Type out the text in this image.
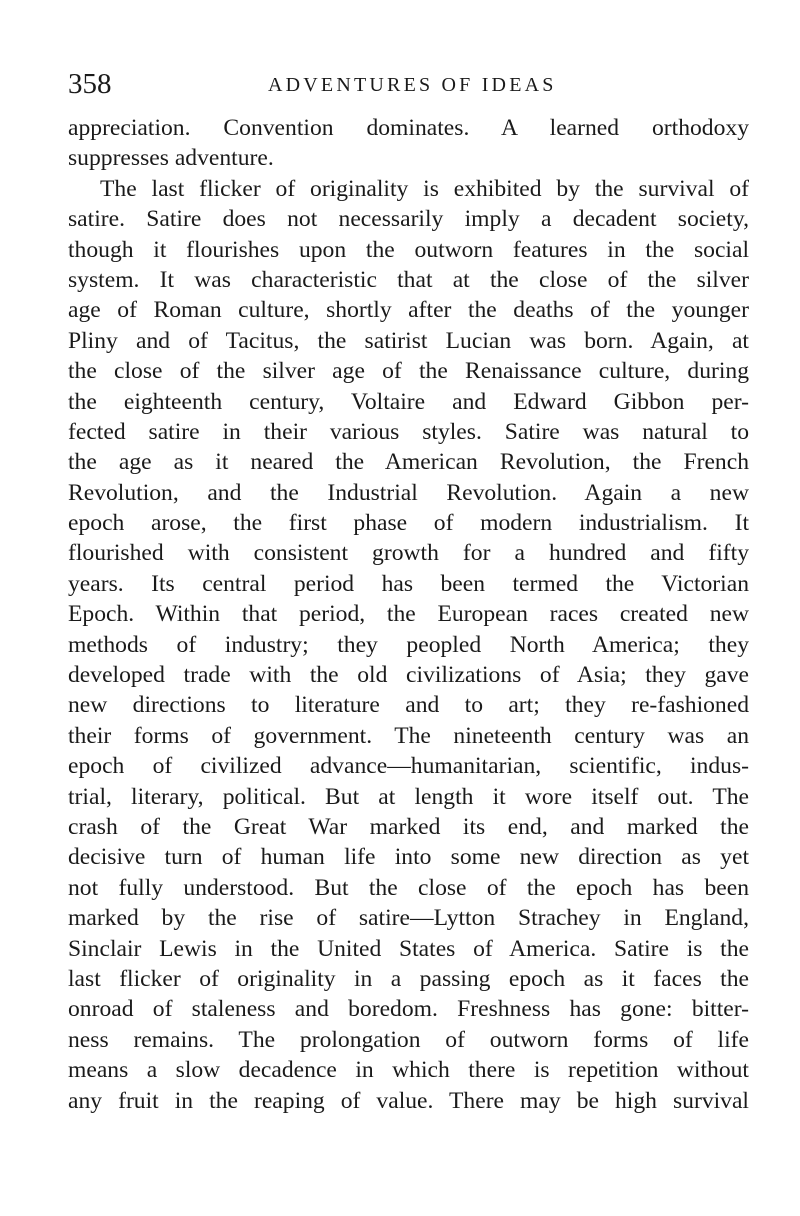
358	ADVENTURES OF IDEAS
appreciation. Convention dominates. A learned orthodoxy
suppresses adventure.
The last flicker of originality is exhibited by the survival of
satire. Satire does not necessarily imply a decadent society,
though it flourishes upon the outworn features in the social
system. It was characteristic that at the close of the silver
age of Roman culture, shortly after the deaths of the younger
Pliny and of Tacitus, the satirist Lucian was born. Again, at
the close of the silver age of the Renaissance culture, during
the eighteenth century, Voltaire and Edward Gibbon per-
fected satire in their various styles. Satire was natural to
the age as it neared the American Revolution, the French
Revolution, and the Industrial Revolution. Again a new
epoch arose, the first phase of modern industrialism. It
flourished with consistent growth for a hundred and fifty
years. Its central period has been termed the Victorian
Epoch. Within that period, the European races created new
methods of industry; they peopled North America; they
developed trade with the old civilizations of Asia; they gave
new directions to literature and to art; they re-fashioned
their forms of government. The nineteenth century was an
epoch of civilized advance—humanitarian, scientific, indus-
trial, literary, political. But at length it wore itself out. The
crash of the Great War marked its end, and marked the
decisive turn of human life into some new direction as yet
not fully understood. But the close of the epoch has been
marked by the rise of satire—Lytton Strachey in England,
Sinclair Lewis in the United States of America. Satire is the
last flicker of originality in a passing epoch as it faces the
onroad of staleness and boredom. Freshness has gone: bitter-
ness remains. The prolongation of outworn forms of life
means a slow decadence in which there is repetition without
any fruit in the reaping of value. There may be high survival
